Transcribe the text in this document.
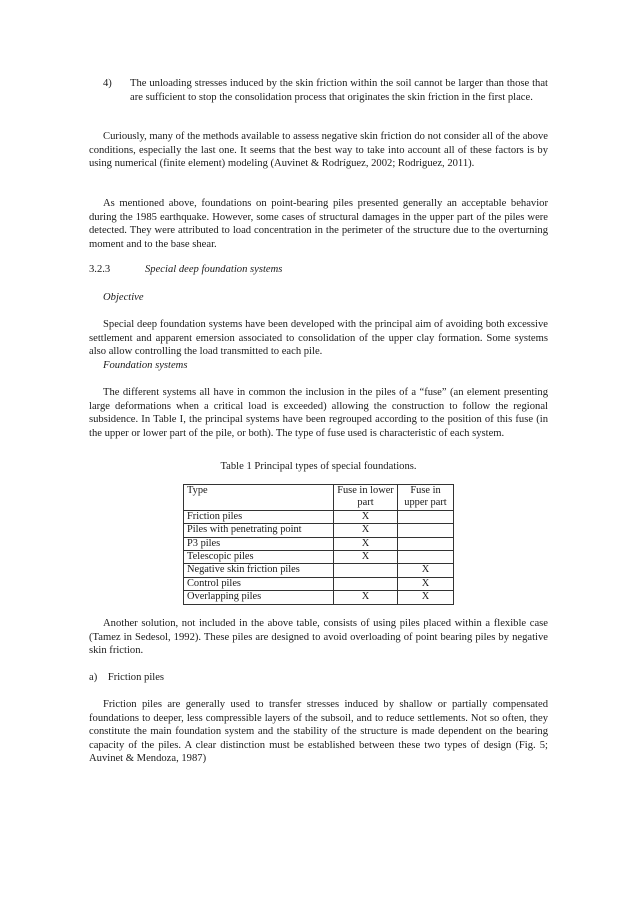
4) The unloading stresses induced by the skin friction within the soil cannot be larger than those that are sufficient to stop the consolidation process that originates the skin friction in the first place.

Curiously, many of the methods available to assess negative skin friction do not consider all of the above conditions, especially the last one. It seems that the best way to take into account all of these factors is by using numerical (finite element) modeling (Auvinet & Rodríguez, 2002; Rodriguez, 2011).

As mentioned above, foundations on point-bearing piles presented generally an acceptable behavior during the 1985 earthquake. However, some cases of structural damages in the upper part of the piles were detected. They were attributed to load concentration in the perimeter of the structure due to the overturning moment and to the base shear.

3.2.3	Special deep foundation systems
Objective

Special deep foundation systems have been developed with the principal aim of avoiding both excessive settlement and apparent emersion associated to consolidation of the upper clay formation. Some systems also allow controlling the load transmitted to each pile.

Foundation systems

The different systems all have in common the inclusion in the piles of a “fuse” (an element presenting large deformations when a critical load is exceeded) allowing the construction to follow the regional subsidence. In Table I, the principal systems have been regrouped according to the position of this fuse (in the upper or lower part of the pile, or both). The type of fuse used is characteristic of each system.

Table 1 Principal types of special foundations.
Type	Fuse in lower part	Fuse in upper part
Friction piles	X	
Piles with penetrating point	X	
P3 piles	X	
Telescopic piles	X	
Negative skin friction piles		X
Control piles		X
Overlapping piles	X	X

Another solution, not included in the above table, consists of using piles placed within a flexible case (Tamez in Sedesol, 1992). These piles are designed to avoid overloading of point bearing piles by negative skin friction.

a) Friction piles

Friction piles are generally used to transfer stresses induced by shallow or partially compensated foundations to deeper, less compressible layers of the subsoil, and to reduce settlements. Not so often, they constitute the main foundation system and the stability of the structure is made dependent on the bearing capacity of the piles. A clear distinction must be established between these two types of design (Fig. 5; Auvinet & Mendoza, 1987)
